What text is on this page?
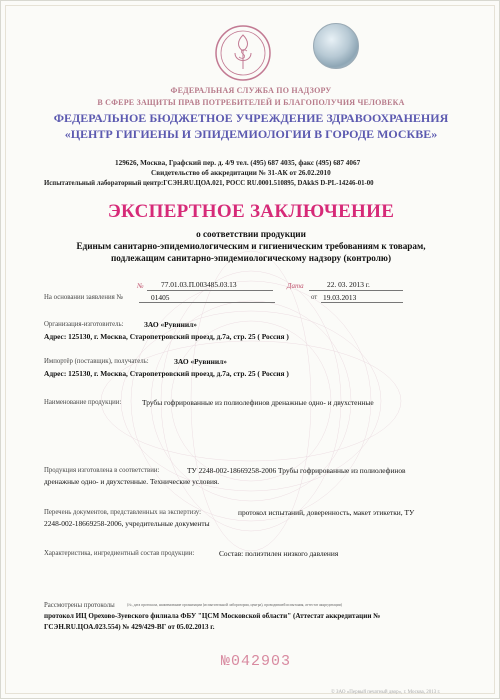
ФЕДЕРАЛЬНАЯ СЛУЖБА ПО НАДЗОРУ
В СФЕРЕ ЗАЩИТЫ ПРАВ ПОТРЕБИТЕЛЕЙ И БЛАГОПОЛУЧИЯ ЧЕЛОВЕКА
ФЕДЕРАЛЬНОЕ БЮДЖЕТНОЕ УЧРЕЖДЕНИЕ ЗДРАВООХРАНЕНИЯ
«ЦЕНТР ГИГИЕНЫ И ЭПИДЕМИОЛОГИИ В ГОРОДЕ МОСКВЕ»
129626, Москва, Графский пер. д. 4/9 тел. (495) 687 4035, факс (495) 687 4067
Свидетельство об аккредитации № 31-АК от 26.02.2010
Испытательный лабораторный центр:ГСЭН.RU.ЦОА.021, РОСС RU.0001.510895, DAkkS D-PL-14246-01-00
ЭКСПЕРТНОЕ ЗАКЛЮЧЕНИЕ
о соответствии продукции
Единым санитарно-эпидемиологическим и гигиеническим требованиям к товарам,
подлежащим санитарно-эпидемиологическому надзору (контролю)
№ 77.01.03.П.003485.03.13	Дата	22. 03. 2013 г.
На основании заявления №	01405	от 19.03.2013
Организация-изготовитель:	ЗАО «Рувинил»
Адрес: 125130, г. Москва, Старопетровский проезд, д.7а, стр. 25 ( Россия )
Импортёр (поставщик), получатель:	ЗАО «Рувинил»
Адрес: 125130, г. Москва, Старопетровский проезд, д.7а, стр. 25 ( Россия )
Наименование продукции:	Трубы гофрированные из полиолефинов дренажные одно- и двухстенные
Продукция изготовлена в соответствии:	ТУ 2248-002-18669258-2006 Трубы гофрированные из полиолефинов
дренажные одно- и двухстенные. Технические условия.
Перечень документов, представленных на экспертизу:	протокол испытаний, доверенность, макет этикетки, ТУ
2248-002-18669258-2006, учредительные документы
Характеристика, ингредиентный состав продукции:	Состав: полиэтилен низкого давления
Рассмотрены протоколы	(№, дата протокола, наименование организации (испытательной лаборатории, центра), проводившей испытания, аттестат аккредитации)
протокол ИЦ Орехово-Зуевского филиала ФБУ "ЦСМ Московской области" (Аттестат аккредитации №
ГСЭН.RU.ЦОА.023.554) № 429/429-ВГ от 05.02.2013 г.
№042903
© ЗАО «Первый печатный двор», г. Москва, 2013 г.
